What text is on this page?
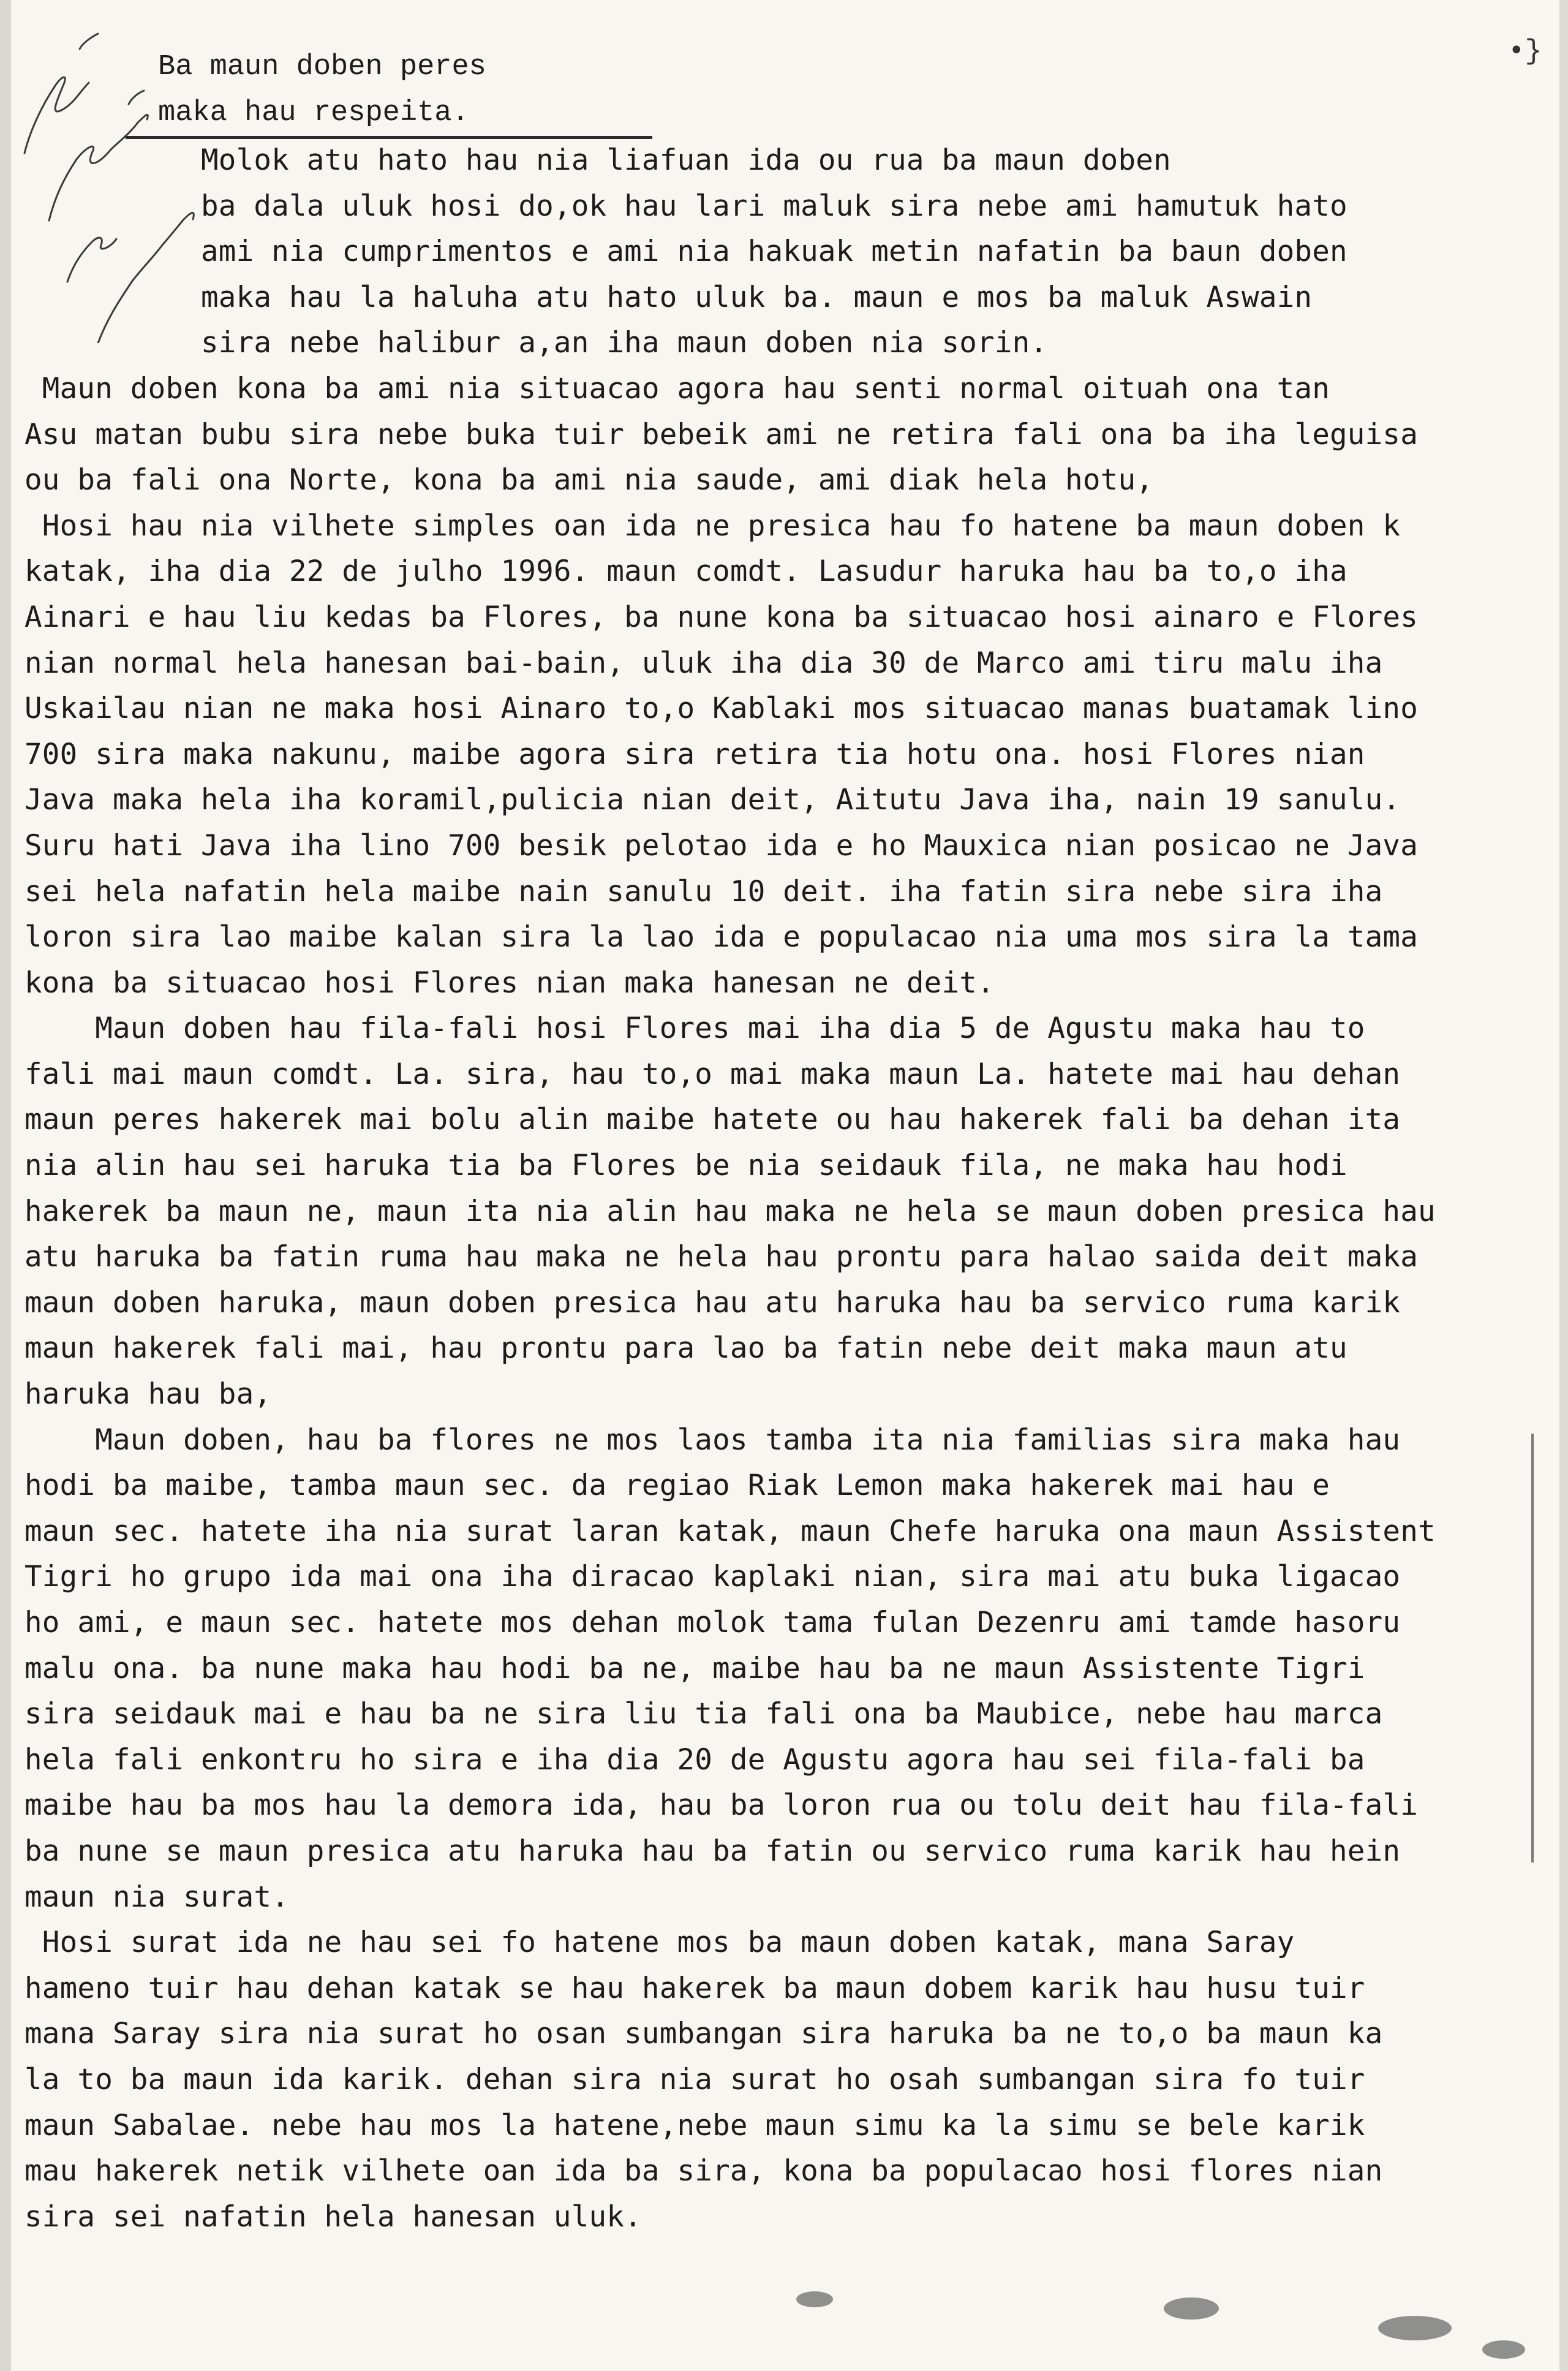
•}

Ba maun doben peres

maka hau respeita.

Molok atu hato hau nia liafuan ida ou rua ba maun doben
ba dala uluk hosi do,ok hau lari maluk sira nebe ami hamutuk hato
ami nia cumprimentos e ami nia hakuak metin nafatin ba baun doben
maka hau la haluha atu hato uluk ba. maun e mos ba maluk Aswain
sira nebe halibur a,an iha maun doben nia sorin.
Maun doben kona ba ami nia situacao agora hau senti normal oituah ona tan
Asu matan bubu sira nebe buka tuir bebeik ami ne retira fali ona ba iha leguisa
ou ba fali ona Norte, kona ba ami nia saude, ami diak hela hotu,
Hosi hau nia vilhete simples oan ida ne presica hau fo hatene ba maun doben k
katak, iha dia 22 de julho 1996. maun comdt. Lasudur haruka hau ba to,o iha
Ainari e hau liu kedas ba Flores, ba nune kona ba situacao hosi ainaro e Flores
nian normal hela hanesan bai-bain, uluk iha dia 30 de Marco ami tiru malu iha
Uskailau nian ne maka hosi Ainaro to,o Kablaki mos situacao manas buatamak lino
700 sira maka nakunu, maibe agora sira retira tia hotu ona. hosi Flores nian
Java maka hela iha koramil,pulicia nian deit, Aitutu Java iha, nain 19 sanulu.
Suru hati Java iha lino 700 besik pelotao ida e ho Mauxica nian posicao ne Java
sei hela nafatin hela maibe nain sanulu 10 deit. iha fatin sira nebe sira iha
loron sira lao maibe kalan sira la lao ida e populacao nia uma mos sira la tama
kona ba situacao hosi Flores nian maka hanesan ne deit.
Maun doben hau fila-fali hosi Flores mai iha dia 5 de Agustu maka hau to
fali mai maun comdt. La. sira, hau to,o mai maka maun La. hatete mai hau dehan
maun peres hakerek mai bolu alin maibe hatete ou hau hakerek fali ba dehan ita
nia alin hau sei haruka tia ba Flores be nia seidauk fila, ne maka hau hodi
hakerek ba maun ne, maun ita nia alin hau maka ne hela se maun doben presica hau
atu haruka ba fatin ruma hau maka ne hela hau prontu para halao saida deit maka
maun doben haruka, maun doben presica hau atu haruka hau ba servico ruma karik
maun hakerek fali mai, hau prontu para lao ba fatin nebe deit maka maun atu
haruka hau ba,
Maun doben, hau ba flores ne mos laos tamba ita nia familias sira maka hau
hodi ba maibe, tamba maun sec. da regiao Riak Lemon maka hakerek mai hau e
maun sec. hatete iha nia surat laran katak, maun Chefe haruka ona maun Assistent
Tigri ho grupo ida mai ona iha diracao kaplaki nian, sira mai atu buka ligacao
ho ami, e maun sec. hatete mos dehan molok tama fulan Dezenru ami tamde hasoru
malu ona. ba nune maka hau hodi ba ne, maibe hau ba ne maun Assistente Tigri
sira seidauk mai e hau ba ne sira liu tia fali ona ba Maubice, nebe hau marca
hela fali enkontru ho sira e iha dia 20 de Agustu agora hau sei fila-fali ba
maibe hau ba mos hau la demora ida, hau ba loron rua ou tolu deit hau fila-fali
ba nune se maun presica atu haruka hau ba fatin ou servico ruma karik hau hein
maun nia surat.
Hosi surat ida ne hau sei fo hatene mos ba maun doben katak, mana Saray
hameno tuir hau dehan katak se hau hakerek ba maun dobem karik hau husu tuir
mana Saray sira nia surat ho osan sumbangan sira haruka ba ne to,o ba maun ka
la to ba maun ida karik. dehan sira nia surat ho osah sumbangan sira fo tuir
maun Sabalae. nebe hau mos la hatene,nebe maun simu ka la simu se bele karik
mau hakerek netik vilhete oan ida ba sira, kona ba populacao hosi flores nian
sira sei nafatin hela hanesan uluk.
